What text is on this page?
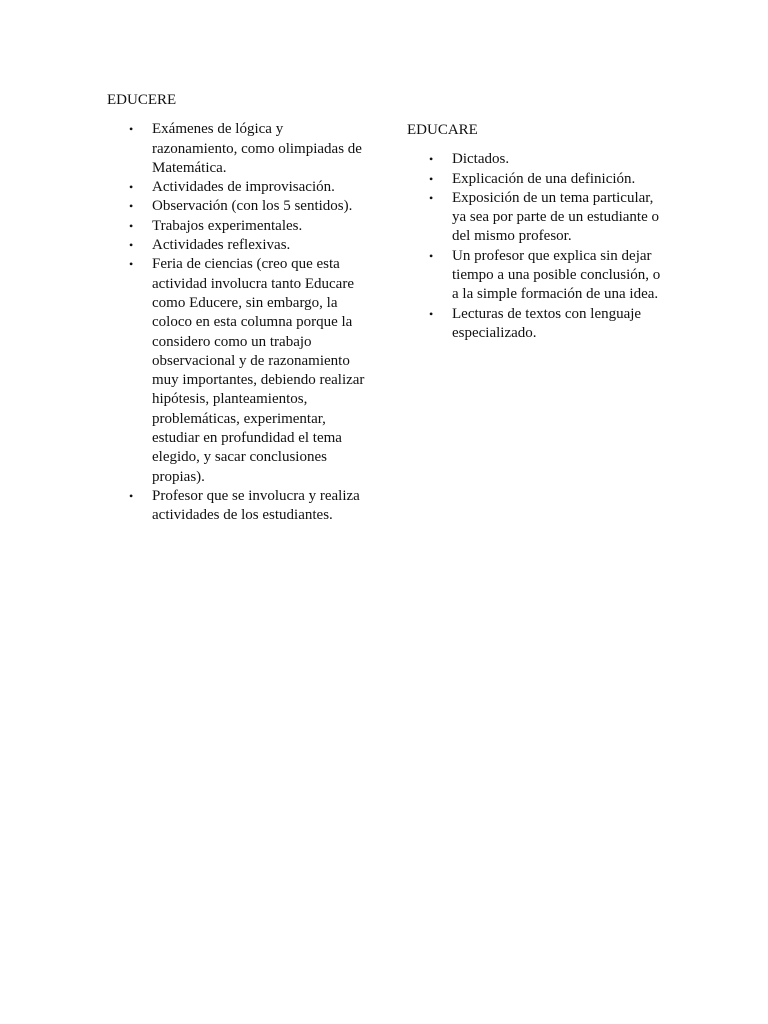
EDUCERE
• Exámenes de lógica y razonamiento, como olimpiadas de Matemática.
• Actividades de improvisación.
• Observación (con los 5 sentidos).
• Trabajos experimentales.
• Actividades reflexivas.
• Feria de ciencias (creo que esta actividad involucra tanto Educare como Educere, sin embargo, la coloco en esta columna porque la considero como un trabajo observacional y de razonamiento muy importantes, debiendo realizar hipótesis, planteamientos, problemáticas, experimentar, estudiar en profundidad el tema elegido, y sacar conclusiones propias).
• Profesor que se involucra y realiza actividades de los estudiantes.
EDUCARE
• Dictados.
• Explicación de una definición.
• Exposición de un tema particular, ya sea por parte de un estudiante o del mismo profesor.
• Un profesor que explica sin dejar tiempo a una posible conclusión, o a la simple formación de una idea.
• Lecturas de textos con lenguaje especializado.
